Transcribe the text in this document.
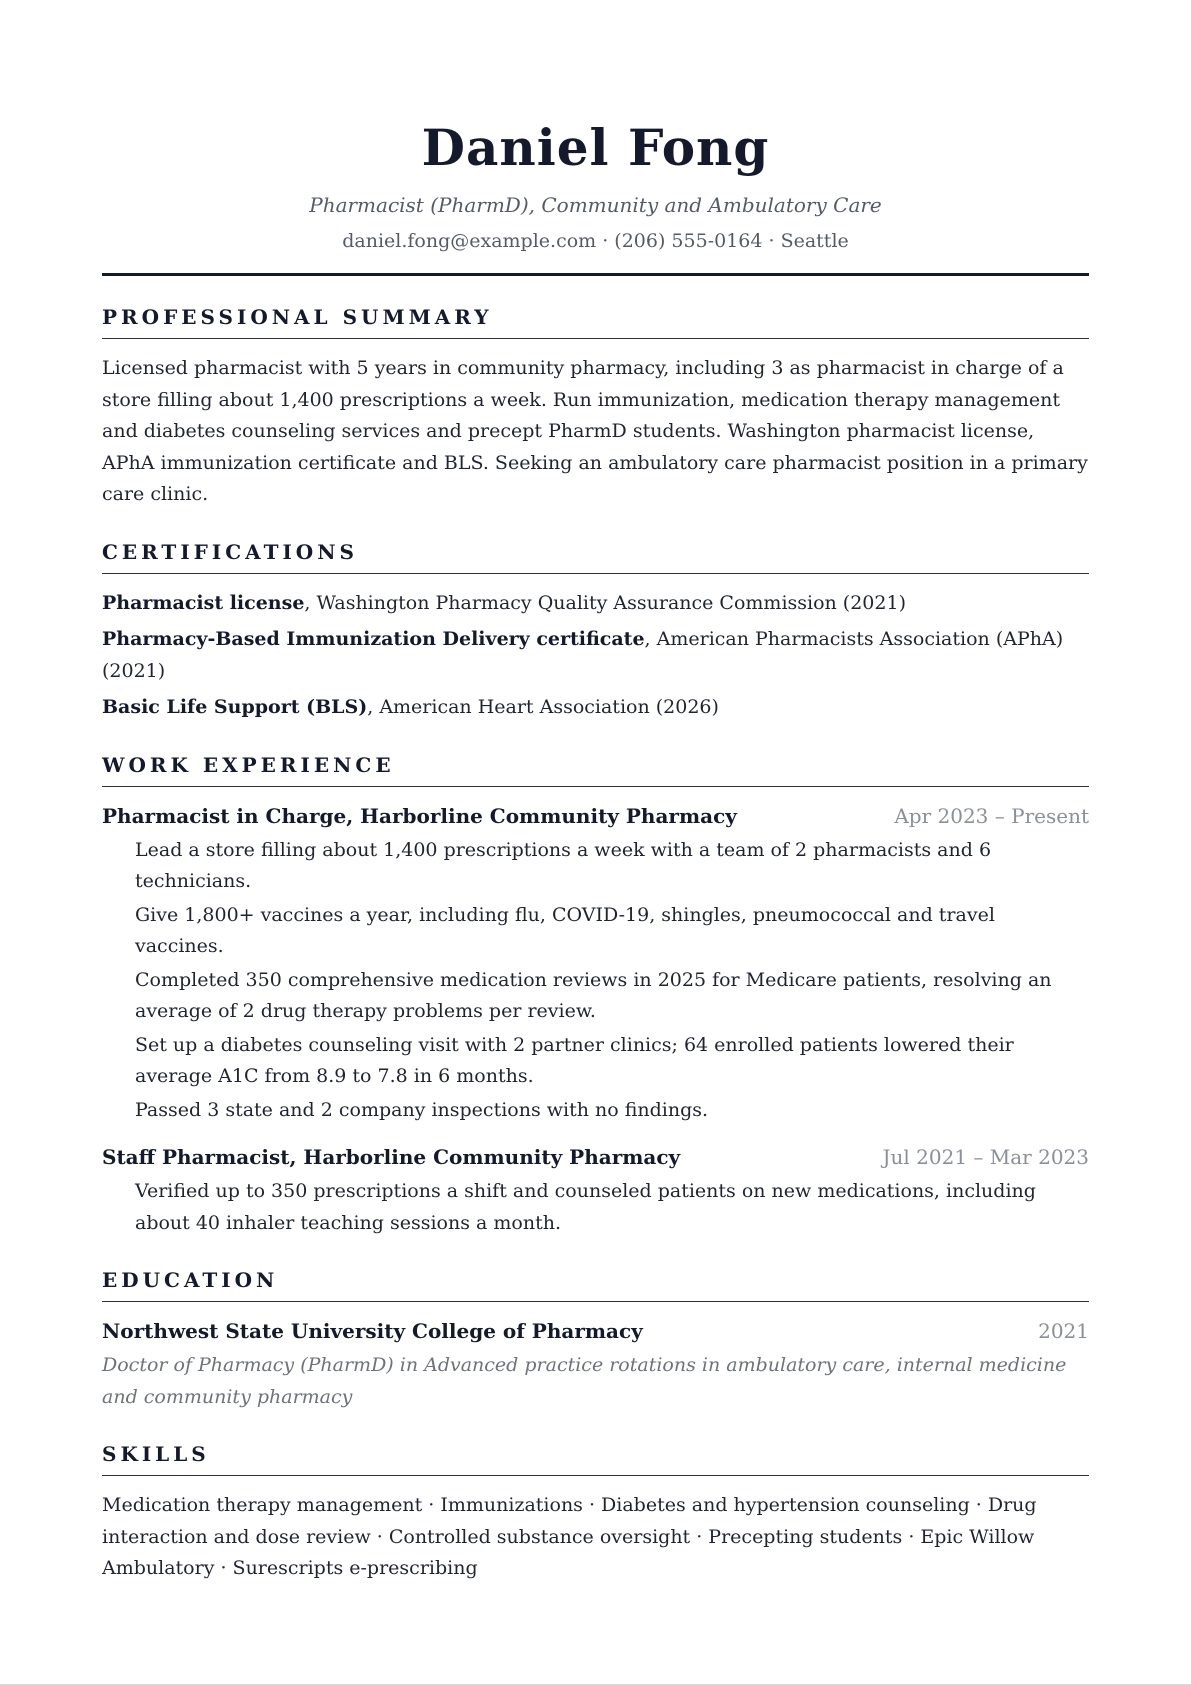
Daniel Fong
Pharmacist (PharmD), Community and Ambulatory Care
daniel.fong@example.com · (206) 555-0164 · Seattle
PROFESSIONAL SUMMARY

Licensed pharmacist with 5 years in community pharmacy, including 3 as pharmacist in charge of a store filling about 1,400 prescriptions a week. Run immunization, medication therapy management and diabetes counseling services and precept PharmD students. Washington pharmacist license, APhA immunization certificate and BLS. Seeking an ambulatory care pharmacist position in a primary care clinic.

CERTIFICATIONS

Pharmacist license, Washington Pharmacy Quality Assurance Commission (2021)

Pharmacy-Based Immunization Delivery certificate, American Pharmacists Association (APhA) (2021)

Basic Life Support (BLS), American Heart Association (2026)

WORK EXPERIENCE
Pharmacist in Charge, Harborline Community Pharmacy	Apr 2023 – Present
Lead a store filling about 1,400 prescriptions a week with a team of 2 pharmacists and 6 technicians.
Give 1,800+ vaccines a year, including flu, COVID-19, shingles, pneumococcal and travel vaccines.
Completed 350 comprehensive medication reviews in 2025 for Medicare patients, resolving an average of 2 drug therapy problems per review.
Set up a diabetes counseling visit with 2 partner clinics; 64 enrolled patients lowered their average A1C from 8.9 to 7.8 in 6 months.
Passed 3 state and 2 company inspections with no findings.
Staff Pharmacist, Harborline Community Pharmacy	Jul 2021 – Mar 2023
Verified up to 350 prescriptions a shift and counseled patients on new medications, including about 40 inhaler teaching sessions a month.
EDUCATION
Northwest State University College of Pharmacy	2021

Doctor of Pharmacy (PharmD) in Advanced practice rotations in ambulatory care, internal medicine and community pharmacy

SKILLS

Medication therapy management · Immunizations · Diabetes and hypertension counseling · Drug interaction and dose review · Controlled substance oversight · Precepting students · Epic Willow Ambulatory · Surescripts e-prescribing
